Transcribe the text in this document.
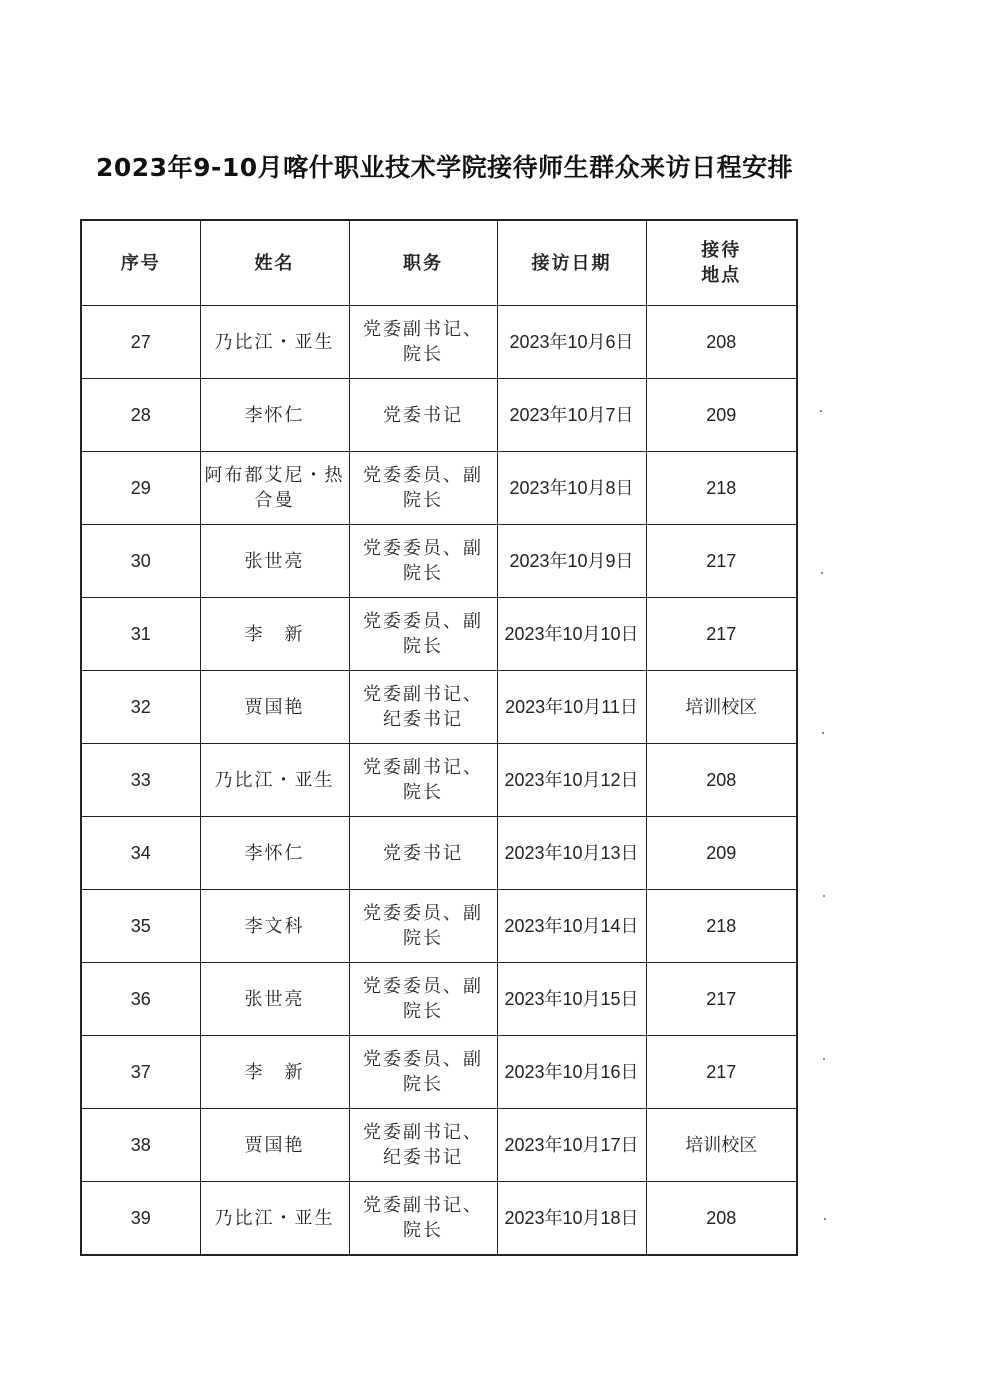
2023年9-10月喀什职业技术学院接待师生群众来访日程安排
序号	姓名	职务	接访日期	接待地点
27	乃比江・亚生	党委副书记、院长	2023年10月6日	208
28	李怀仁	党委书记	2023年10月7日	209
29	阿布都艾尼・热合曼	党委委员、副院长	2023年10月8日	218
30	张世亮	党委委员、副院长	2023年10月9日	217
31	李　新	党委委员、副院长	2023年10月10日	217
32	贾国艳	党委副书记、纪委书记	2023年10月11日	培训校区
33	乃比江・亚生	党委副书记、院长	2023年10月12日	208
34	李怀仁	党委书记	2023年10月13日	209
35	李文科	党委委员、副院长	2023年10月14日	218
36	张世亮	党委委员、副院长	2023年10月15日	217
37	李　新	党委委员、副院长	2023年10月16日	217
38	贾国艳	党委副书记、纪委书记	2023年10月17日	培训校区
39	乃比江・亚生	党委副书记、院长	2023年10月18日	208
